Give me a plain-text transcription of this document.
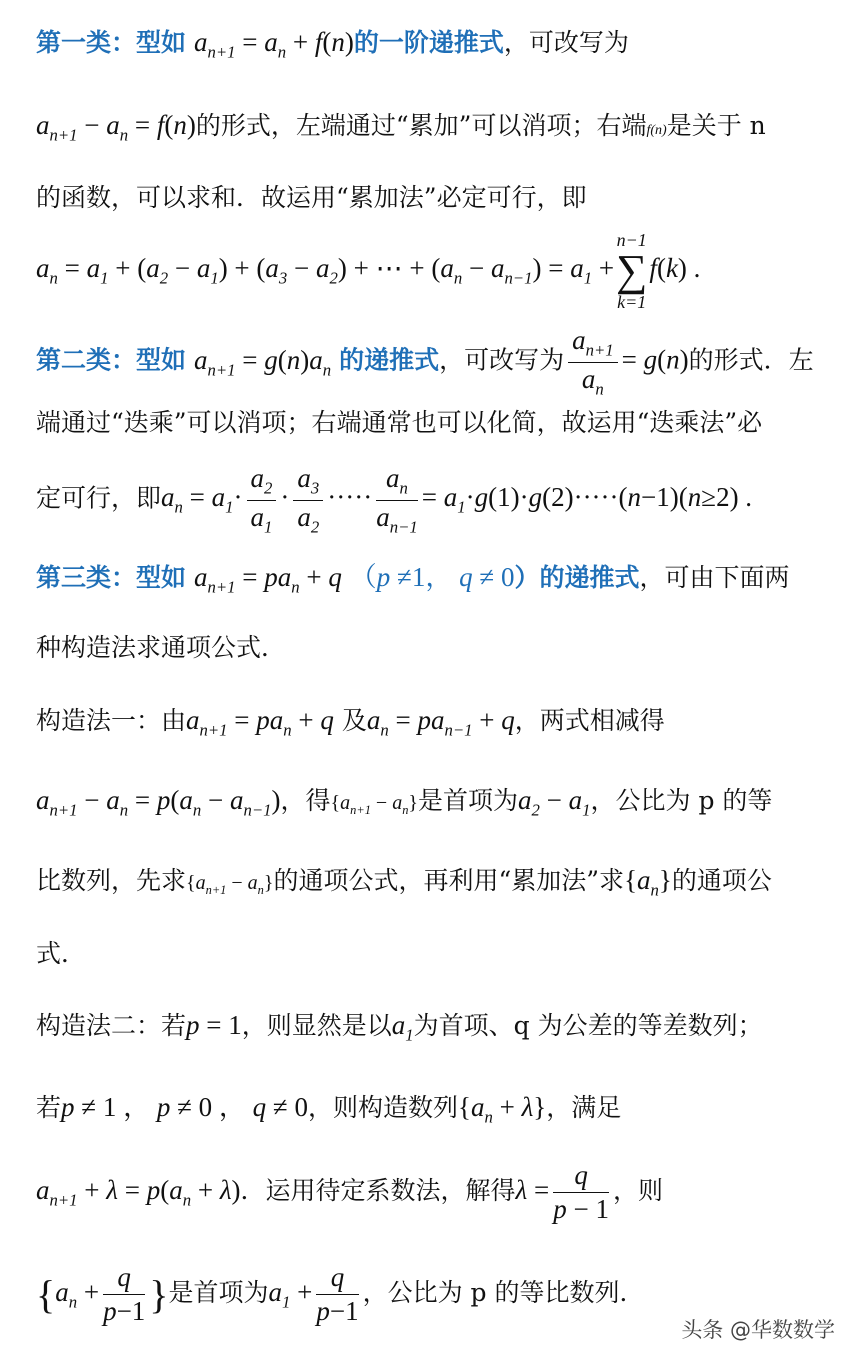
第一类：型如 $a_{n+1} = a_n + f(n)$的一阶递推式，可改写为
$a_{n+1} - a_n = f(n)$的形式，左端通过“累加”可以消项；右端f(n)是关于 n
的函数，可以求和．故运用“累加法”必定可行，即
$a_n = a_1 + (a_2 - a_1) + (a_3 - a_2)$ + ⋯ + $(a_n - a_{n-1}) = a_1 +n-1$
∑
k=1f(k) .
第二类：型如 $a_{n+1} = g(n)a_n$ 的递推式，可改写为 $\frac{a_{n+1}}{a_n} = g(n)$的形式．左
端通过“迭乘”可以消项；右端通常也可以化简，故运用“迭乘法”必
定可行，即$a_n = a_1\cdot \frac{a_2}{a_1} \cdot \frac{a_3}{a_2}$ ····· $\frac{a_n}{a_{n-1}} = a_1\cdot g(1)\cdot g(2)\cdot\cdot\cdot\cdot\cdot(n-1)(n\ge 2)$ .
第三类：型如 $a_{n+1} = pa_n + q$ （p ≠1， q ≠ 0）的递推式，可由下面两
种构造法求通项公式．
构造法一：由$a_{n+1} = pa_n + q$ 及$a_n = pa_{n-1} + q$，两式相减得
$a_{n+1} - a_n = p(a_n - a_{n-1})$，得$\{a_{n+1} - a_n\}$是首项为$a_2 - a_1$，公比为 p 的等
比数列，先求$\{a_{n+1} - a_n\}$的通项公式，再利用“累加法”求$\{a_n\}$的通项公
式．
构造法二：若p = 1，则显然是以$a_1$为首项、q 为公差的等差数列；
若p ≠ 1 ， p ≠ 0 ， q ≠ 0，则构造数列$\{a_n + \lambda\}$，满足
$a_{n+1} + \lambda = p(a_n + \lambda)$．运用待定系数法，解得$\lambda = \frac{q}{p - 1}$ ，则
{$a_n + \frac{q}{p-1}$ }是首项为$a_1 + \frac{q}{p-1}$ ，公比为 p 的等比数列．
头条 @华数数学
